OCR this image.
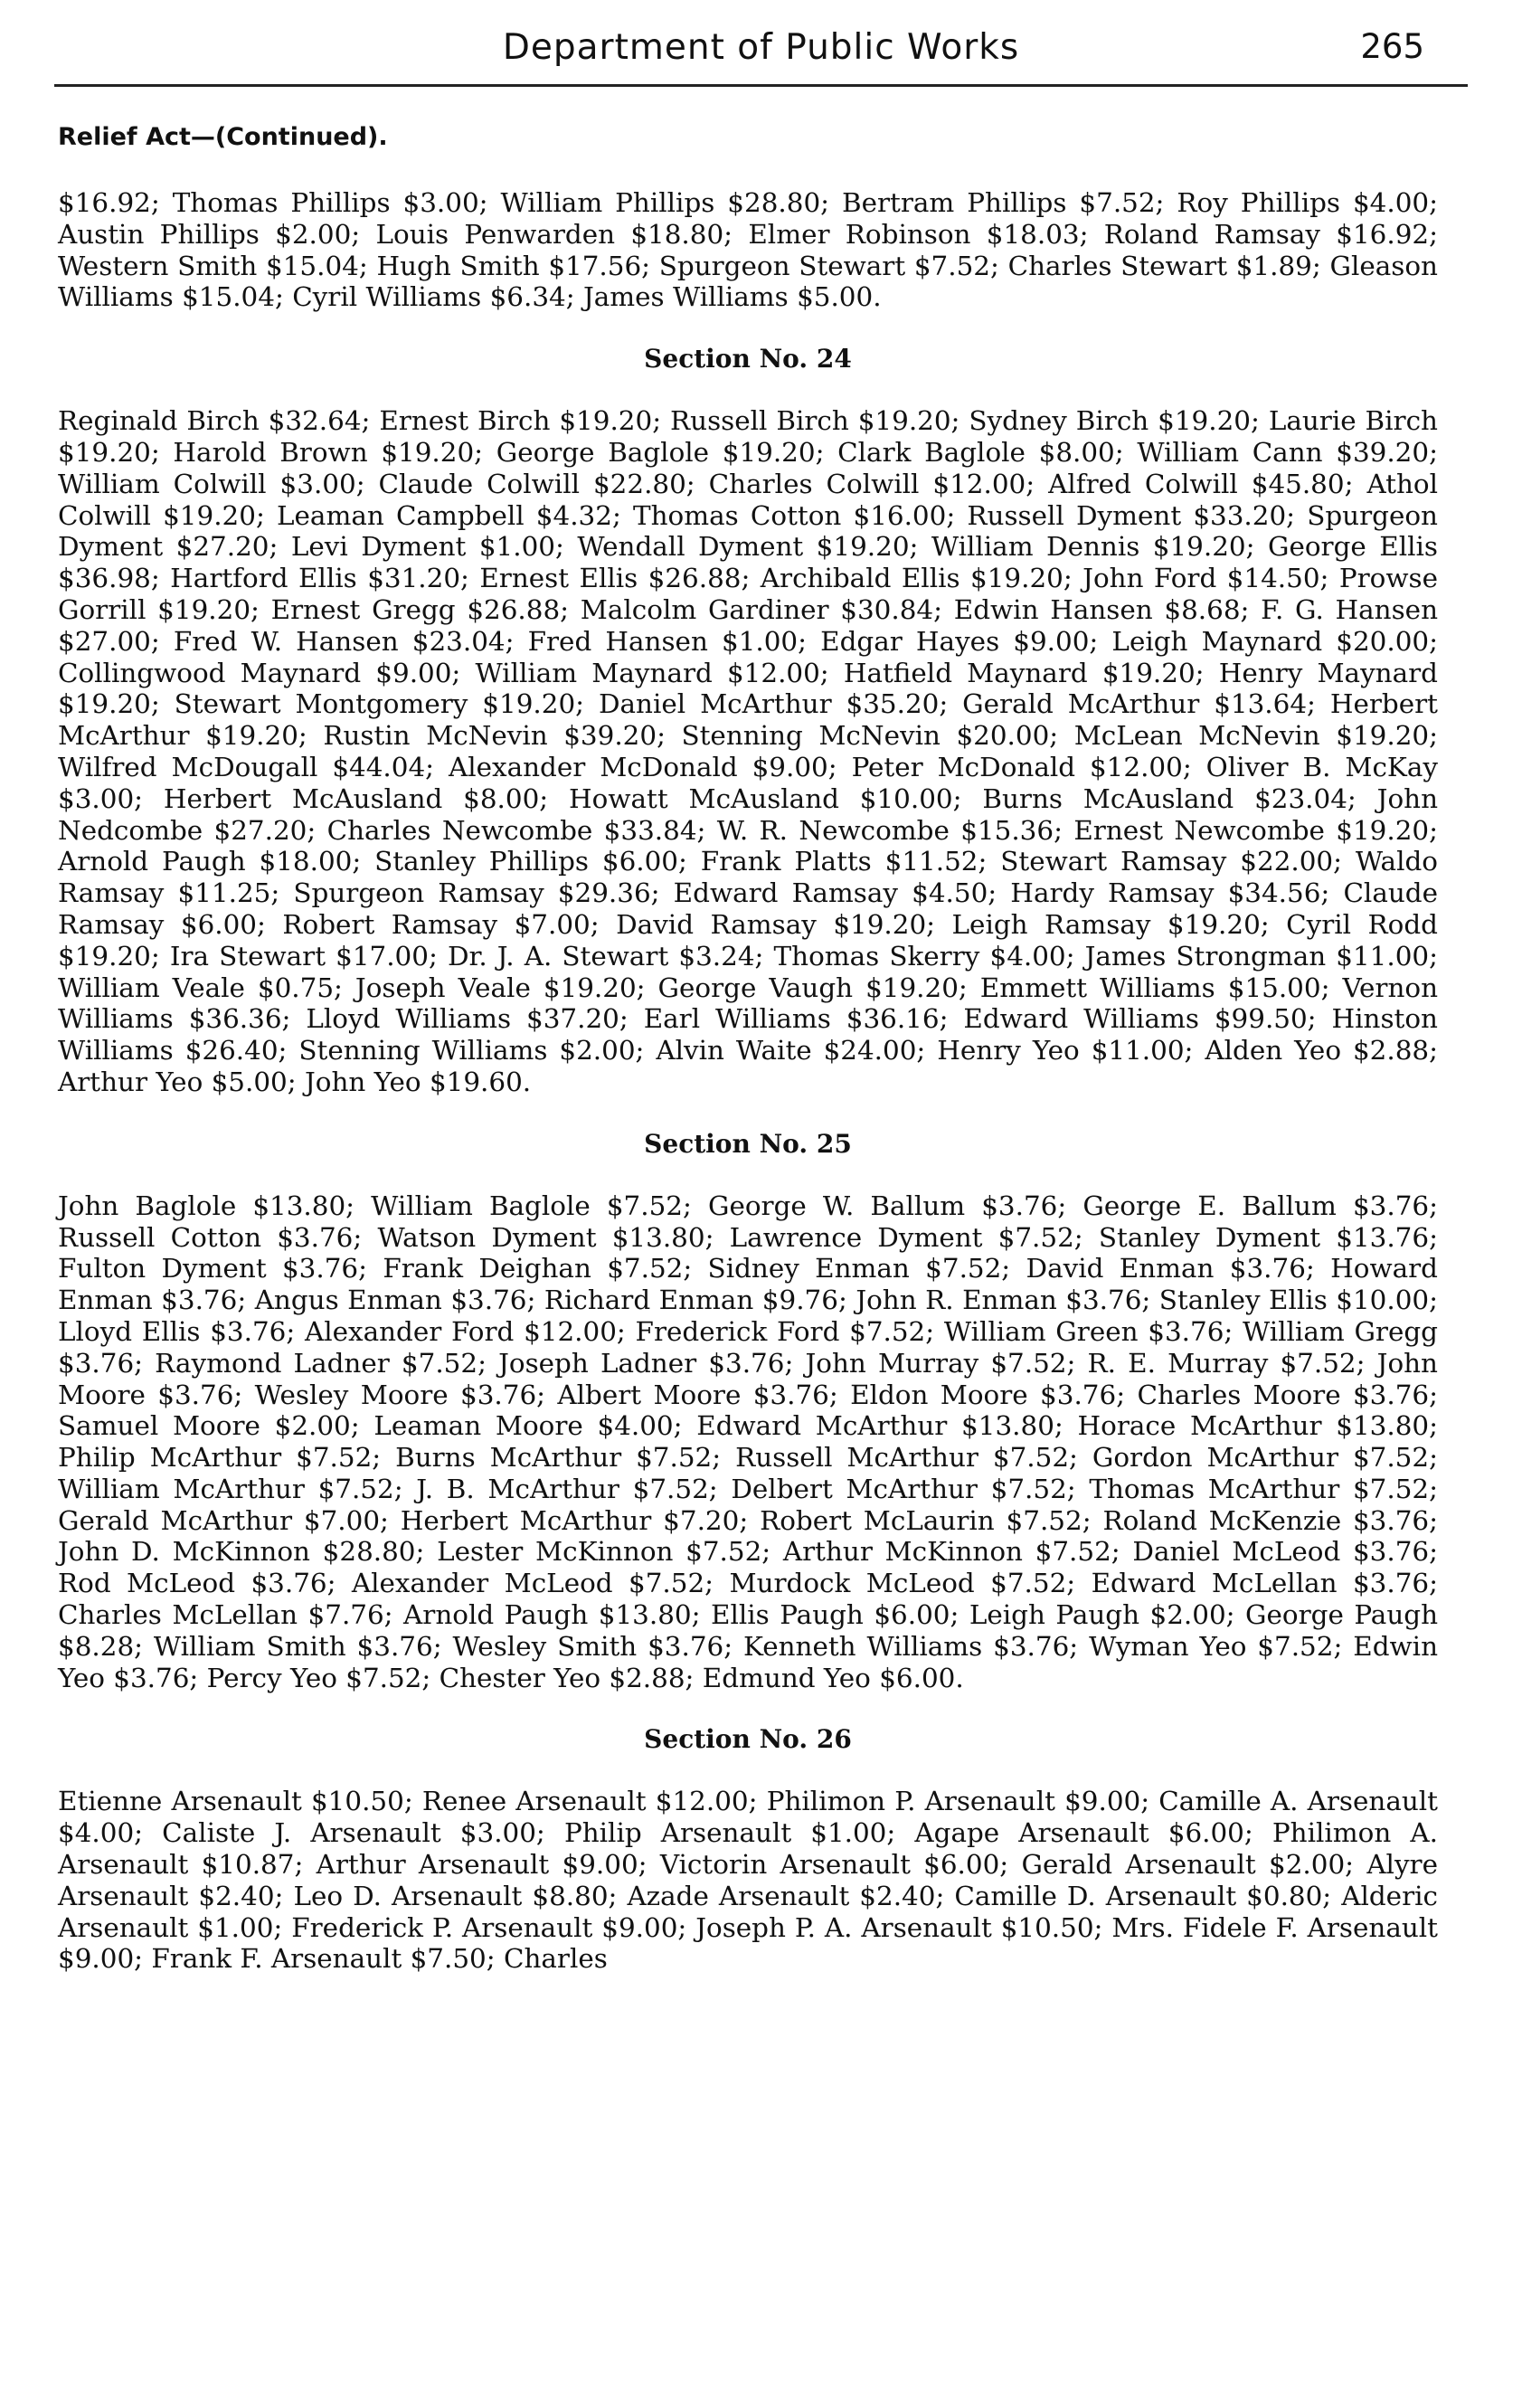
Department of Public Works	265
Relief Act—(Continued).

$16.92; Thomas Phillips $3.00; William Phillips $28.80; Bertram Phillips $7.52; Roy Phillips $4.00; Austin Phillips $2.00; Louis Penwarden $18.80; Elmer Robinson $18.03; Roland Ramsay $16.92; Western Smith $15.04; Hugh Smith $17.56; Spurgeon Stewart $7.52; Charles Stewart $1.89; Gleason Williams $15.04; Cyril Williams $6.34; James Williams $5.00.

Section No. 24

Reginald Birch $32.64; Ernest Birch $19.20; Russell Birch $19.20; Sydney Birch $19.20; Laurie Birch $19.20; Harold Brown $19.20; George Baglole $19.20; Clark Baglole $8.00; William Cann $39.20; William Colwill $3.00; Claude Colwill $22.80; Charles Colwill $12.00; Alfred Colwill $45.80; Athol Colwill $19.20; Leaman Campbell $4.32; Thomas Cotton $16.00; Russell Dyment $33.20; Spurgeon Dyment $27.20; Levi Dyment $1.00; Wendall Dyment $19.20; William Dennis $19.20; George Ellis $36.98; Hartford Ellis $31.20; Ernest Ellis $26.88; Archibald Ellis $19.20; John Ford $14.50; Prowse Gorrill $19.20; Ernest Gregg $26.88; Malcolm Gardiner $30.84; Edwin Hansen $8.68; F. G. Hansen $27.00; Fred W. Hansen $23.04; Fred Hansen $1.00; Edgar Hayes $9.00; Leigh Maynard $20.00; Collingwood Maynard $9.00; William Maynard $12.00; Hatfield Maynard $19.20; Henry Maynard $19.20; Stewart Montgomery $19.20; Daniel McArthur $35.20; Gerald McArthur $13.64; Herbert McArthur $19.20; Rustin McNevin $39.20; Stenning McNevin $20.00; McLean McNevin $19.20; Wilfred McDougall $44.04; Alexander McDonald $9.00; Peter McDonald $12.00; Oliver B. McKay $3.00; Herbert McAusland $8.00; Howatt McAusland $10.00; Burns McAusland $23.04; John Nedcombe $27.20; Charles Newcombe $33.84; W. R. Newcombe $15.36; Ernest Newcombe $19.20; Arnold Paugh $18.00; Stanley Phillips $6.00; Frank Platts $11.52; Stewart Ramsay $22.00; Waldo Ramsay $11.25; Spurgeon Ramsay $29.36; Edward Ramsay $4.50; Hardy Ramsay $34.56; Claude Ramsay $6.00; Robert Ramsay $7.00; David Ramsay $19.20; Leigh Ramsay $19.20; Cyril Rodd $19.20; Ira Stewart $17.00; Dr. J. A. Stewart $3.24; Thomas Skerry $4.00; James Strongman $11.00; William Veale $0.75; Joseph Veale $19.20; George Vaugh $19.20; Emmett Williams $15.00; Vernon Williams $36.36; Lloyd Williams $37.20; Earl Williams $36.16; Edward Williams $99.50; Hinston Williams $26.40; Stenning Williams $2.00; Alvin Waite $24.00; Henry Yeo $11.00; Alden Yeo $2.88; Arthur Yeo $5.00; John Yeo $19.60.

Section No. 25

John Baglole $13.80; William Baglole $7.52; George W. Ballum $3.76; George E. Ballum $3.76; Russell Cotton $3.76; Watson Dyment $13.80; Lawrence Dyment $7.52; Stanley Dyment $13.76; Fulton Dyment $3.76; Frank Deighan $7.52; Sidney Enman $7.52; David Enman $3.76; Howard Enman $3.76; Angus Enman $3.76; Richard Enman $9.76; John R. Enman $3.76; Stanley Ellis $10.00; Lloyd Ellis $3.76; Alexander Ford $12.00; Frederick Ford $7.52; William Green $3.76; William Gregg $3.76; Raymond Ladner $7.52; Joseph Ladner $3.76; John Murray $7.52; R. E. Murray $7.52; John Moore $3.76; Wesley Moore $3.76; Albert Moore $3.76; Eldon Moore $3.76; Charles Moore $3.76; Samuel Moore $2.00; Leaman Moore $4.00; Edward McArthur $13.80; Horace McArthur $13.80; Philip McArthur $7.52; Burns McArthur $7.52; Russell McArthur $7.52; Gordon McArthur $7.52; William McArthur $7.52; J. B. McArthur $7.52; Delbert McArthur $7.52; Thomas McArthur $7.52; Gerald McArthur $7.00; Herbert McArthur $7.20; Robert McLaurin $7.52; Roland McKenzie $3.76; John D. McKinnon $28.80; Lester McKinnon $7.52; Arthur McKinnon $7.52; Daniel McLeod $3.76; Rod McLeod $3.76; Alexander McLeod $7.52; Murdock McLeod $7.52; Edward McLellan $3.76; Charles McLellan $7.76; Arnold Paugh $13.80; Ellis Paugh $6.00; Leigh Paugh $2.00; George Paugh $8.28; William Smith $3.76; Wesley Smith $3.76; Kenneth Williams $3.76; Wyman Yeo $7.52; Edwin Yeo $3.76; Percy Yeo $7.52; Chester Yeo $2.88; Edmund Yeo $6.00.

Section No. 26

Etienne Arsenault $10.50; Renee Arsenault $12.00; Philimon P. Arsenault $9.00; Camille A. Arsenault $4.00; Caliste J. Arsenault $3.00; Philip Arsenault $1.00; Agape Arsenault $6.00; Philimon A. Arsenault $10.87; Arthur Arsenault $9.00; Victorin Arsenault $6.00; Gerald Arsenault $2.00; Alyre Arsenault $2.40; Leo D. Arsenault $8.80; Azade Arsenault $2.40; Camille D. Arsenault $0.80; Alderic Arsenault $1.00; Frederick P. Arsenault $9.00; Joseph P. A. Arsenault $10.50; Mrs. Fidele F. Arsenault $9.00; Frank F. Arsenault $7.50; Charles
